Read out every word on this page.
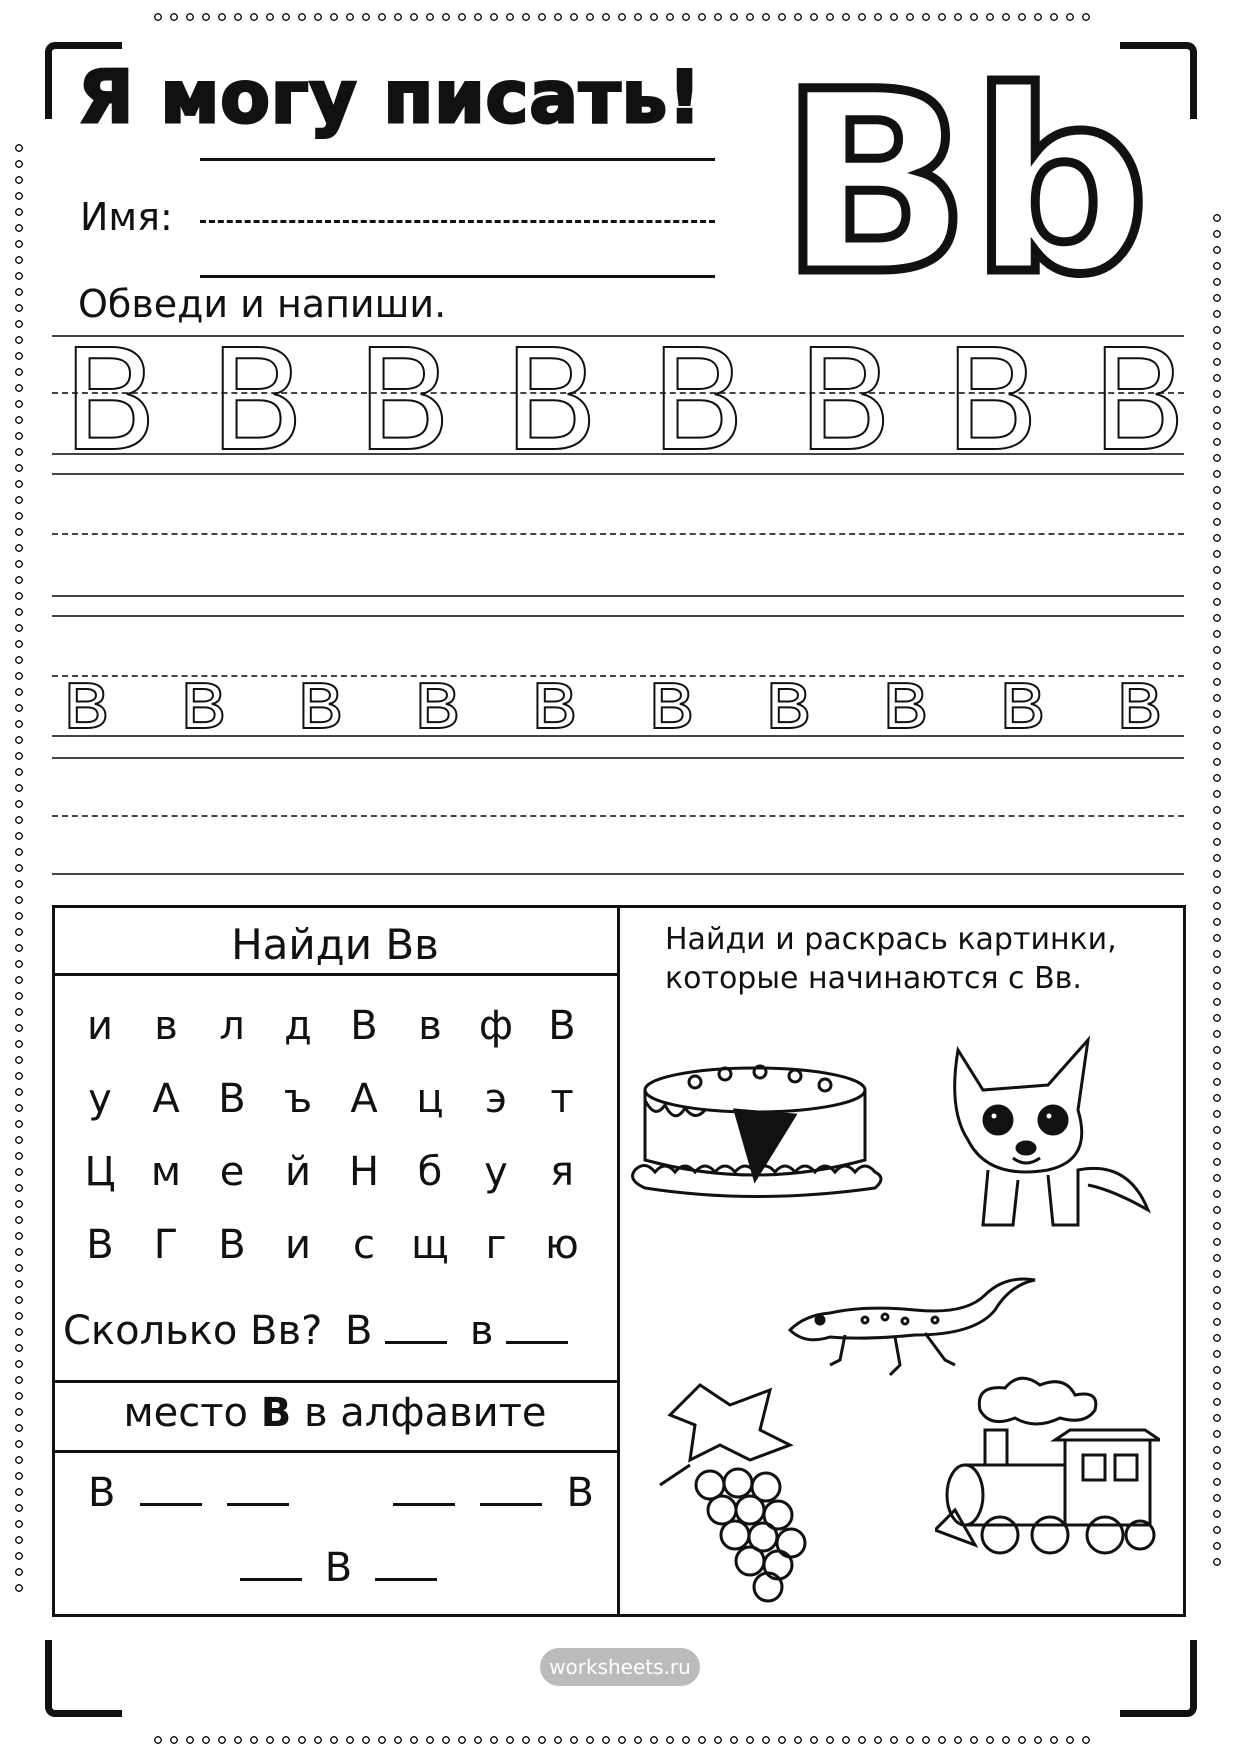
Я могу писать! Bb
Имя:
Обведи и напиши.
В В В В В В В В
в в в в в в в в в в
Найди Вв
и	в	л д В	в ф В
у	А В ъ А ц	э	т
Ц м е	й Н б	у	я
В	Г	В и	с щ г ю
Сколько Вв? В в
место В в алфавите
В	В
В
Найди и раскрась картинки, которые начинаются с Вв.
worksheets.ru
